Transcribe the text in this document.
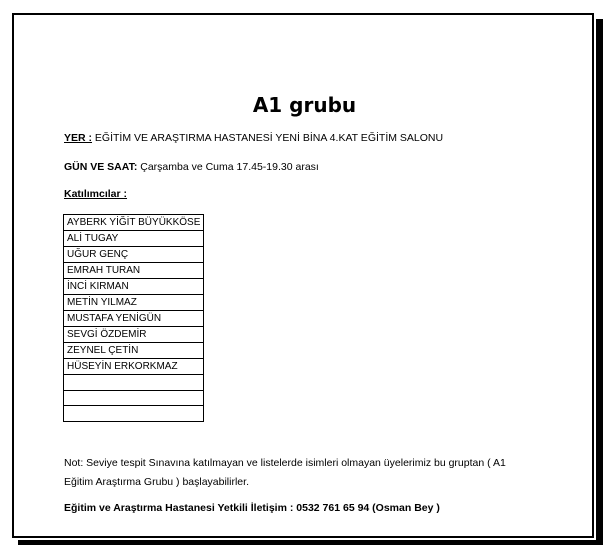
A1 grubu
YER : EĞİTİM VE ARAŞTIRMA HASTANESİ YENİ BİNA 4.KAT EĞİTİM SALONU
GÜN VE SAAT: Çarşamba ve Cuma 17.45-19.30 arası
Katılımcılar :
AYBERK YİĞİT BÜYÜKKÖSE
ALİ TUGAY
UĞUR GENÇ
EMRAH TURAN
İNCİ KIRMAN
METİN YILMAZ
MUSTAFA YENİGÜN
SEVGİ ÖZDEMİR
ZEYNEL ÇETİN
HÜSEYİN ERKORKMAZ

Not: Seviye tespit Sınavına katılmayan ve listelerde isimleri olmayan üyelerimiz bu gruptan ( A1
Eğitim Araştırma Grubu ) başlayabilirler.
Eğitim ve Araştırma Hastanesi Yetkili İletişim : 0532 761 65 94 (Osman Bey )
